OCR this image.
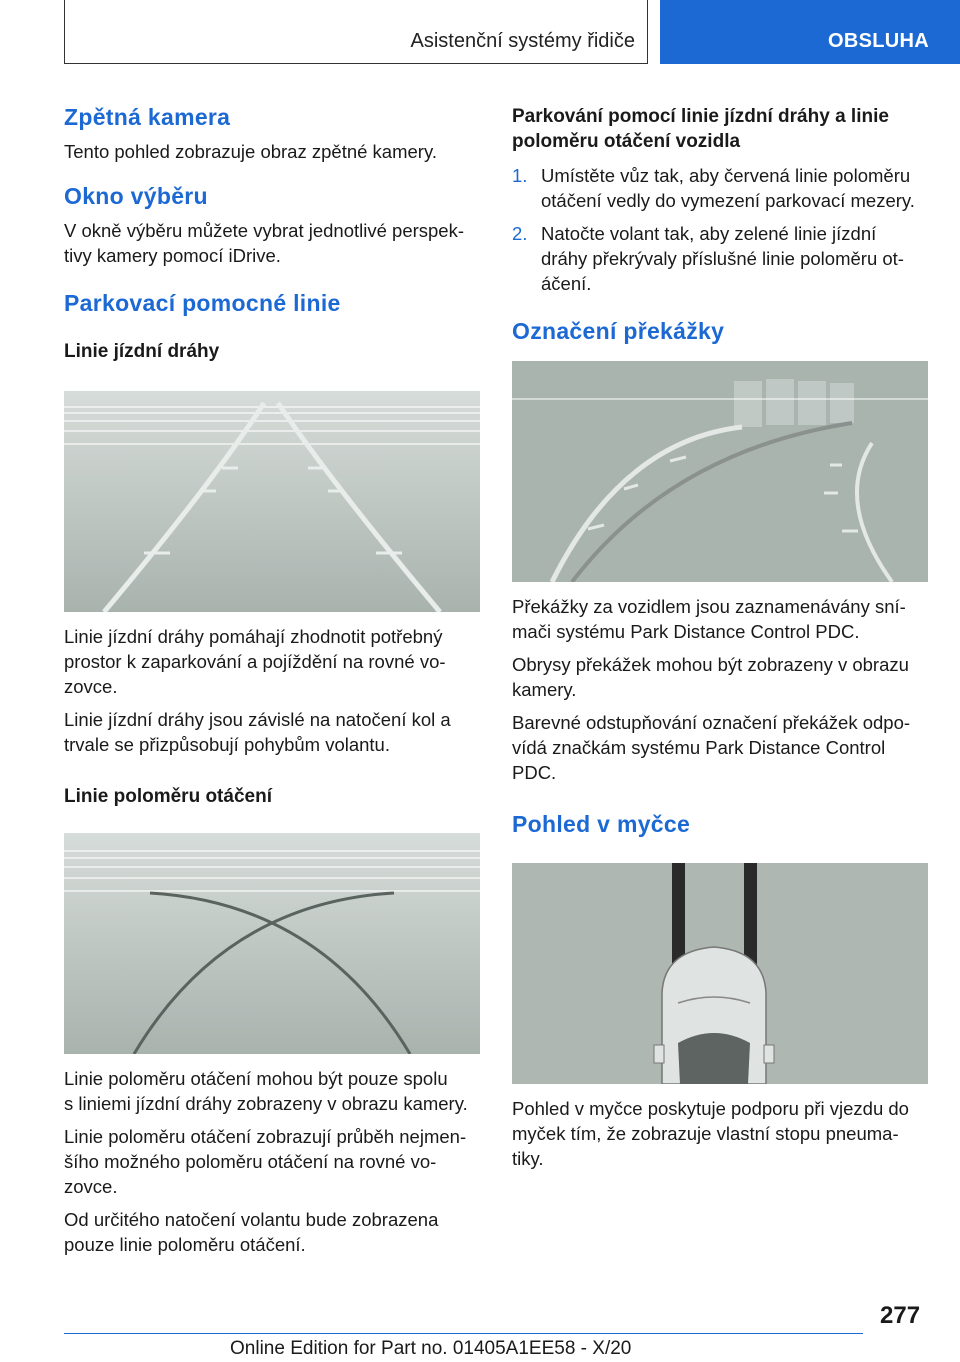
Asistenční systémy řidiče	OBSLUHA
Zpětná kamera

Tento pohled zobrazuje obraz zpětné kamery.

Okno výběru

V okně výběru můžete vybrat jednotlivé perspek‐

tivy kamery pomocí iDrive.

Parkovací pomocné linie
Linie jízdní dráhy

Linie jízdní dráhy pomáhají zhodnotit potřebný

prostor k zaparkování a pojíždění na rovné vo‐

zovce.

Linie jízdní dráhy jsou závislé na natočení kol a

trvale se přizpůsobují pohybům volantu.

Linie poloměru otáčení

Linie poloměru otáčení mohou být pouze spolu

s liniemi jízdní dráhy zobrazeny v obrazu kamery.

Linie poloměru otáčení zobrazují průběh nejmen‐

šího možného poloměru otáčení na rovné vo‐

zovce.

Od určitého natočení volantu bude zobrazena

pouze linie poloměru otáčení.

Parkování pomocí linie jízdní dráhy a linie
poloměru otáčení vozidla
1. Umístěte vůz tak, aby červená linie poloměru
otáčení vedly do vymezení parkovací mezery.
2. Natočte volant tak, aby zelené linie jízdní
dráhy překrývaly příslušné linie poloměru ot‐
áčení.
Označení překážky

Překážky za vozidlem jsou zaznamenávány sní‐

mači systému Park Distance Control PDC.

Obrysy překážek mohou být zobrazeny v obrazu

kamery.

Barevné odstupňování označení překážek odpo‐

vídá značkám systému Park Distance Control

PDC.

Pohled v myčce

Pohled v myčce poskytuje podporu při vjezdu do

myček tím, že zobrazuje vlastní stopu pneuma‐

tiky.

277
Online Edition for Part no. 01405A1EE58 - X/20
